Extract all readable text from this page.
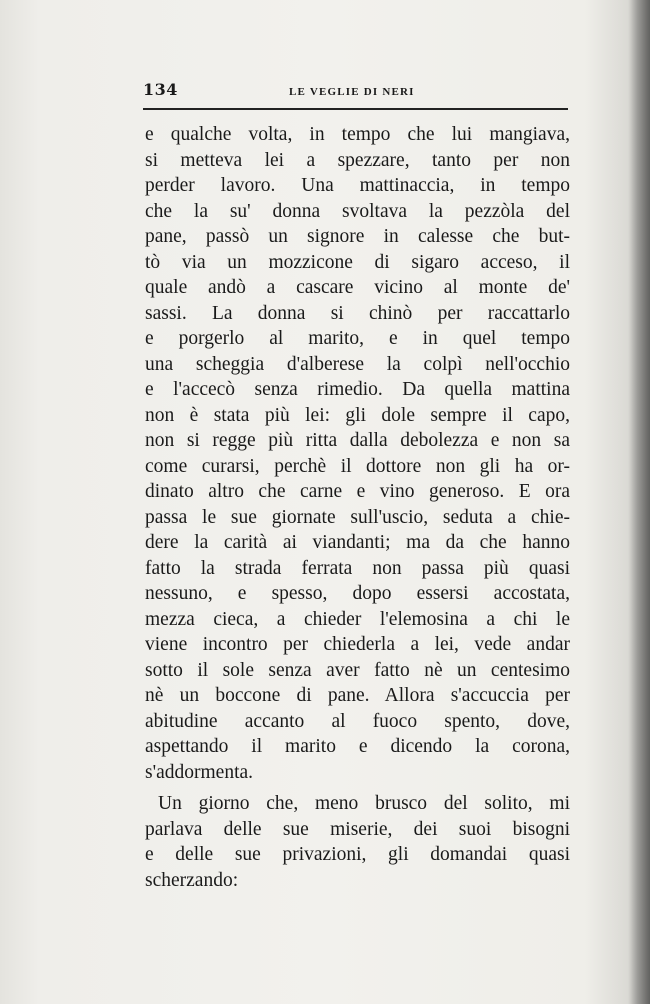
134	LE VEGLIE DI NERI
e qualche volta, in tempo che lui mangiava,
si metteva lei a spezzare, tanto per non
perder lavoro. Una mattinaccia, in tempo
che la su' donna svoltava la pezzòla del
pane, passò un signore in calesse che but-
tò via un mozzicone di sigaro acceso, il
quale andò a cascare vicino al monte de'
sassi. La donna si chinò per raccattarlo
e porgerlo al marito, e in quel tempo
una scheggia d'alberese la colpì nell'occhio
e l'accecò senza rimedio. Da quella mattina
non è stata più lei: gli dole sempre il capo,
non si regge più ritta dalla debolezza e non sa
come curarsi, perchè il dottore non gli ha or-
dinato altro che carne e vino generoso. E ora
passa le sue giornate sull'uscio, seduta a chie-
dere la carità ai viandanti; ma da che hanno
fatto la strada ferrata non passa più quasi
nessuno, e spesso, dopo essersi accostata,
mezza cieca, a chieder l'elemosina a chi le
viene incontro per chiederla a lei, vede andar
sotto il sole senza aver fatto nè un centesimo
nè un boccone di pane. Allora s'accuccia per
abitudine accanto al fuoco spento, dove,
aspettando il marito e dicendo la corona,
s'addormenta.
Un giorno che, meno brusco del solito, mi
parlava delle sue miserie, dei suoi bisogni
e delle sue privazioni, gli domandai quasi
scherzando:
